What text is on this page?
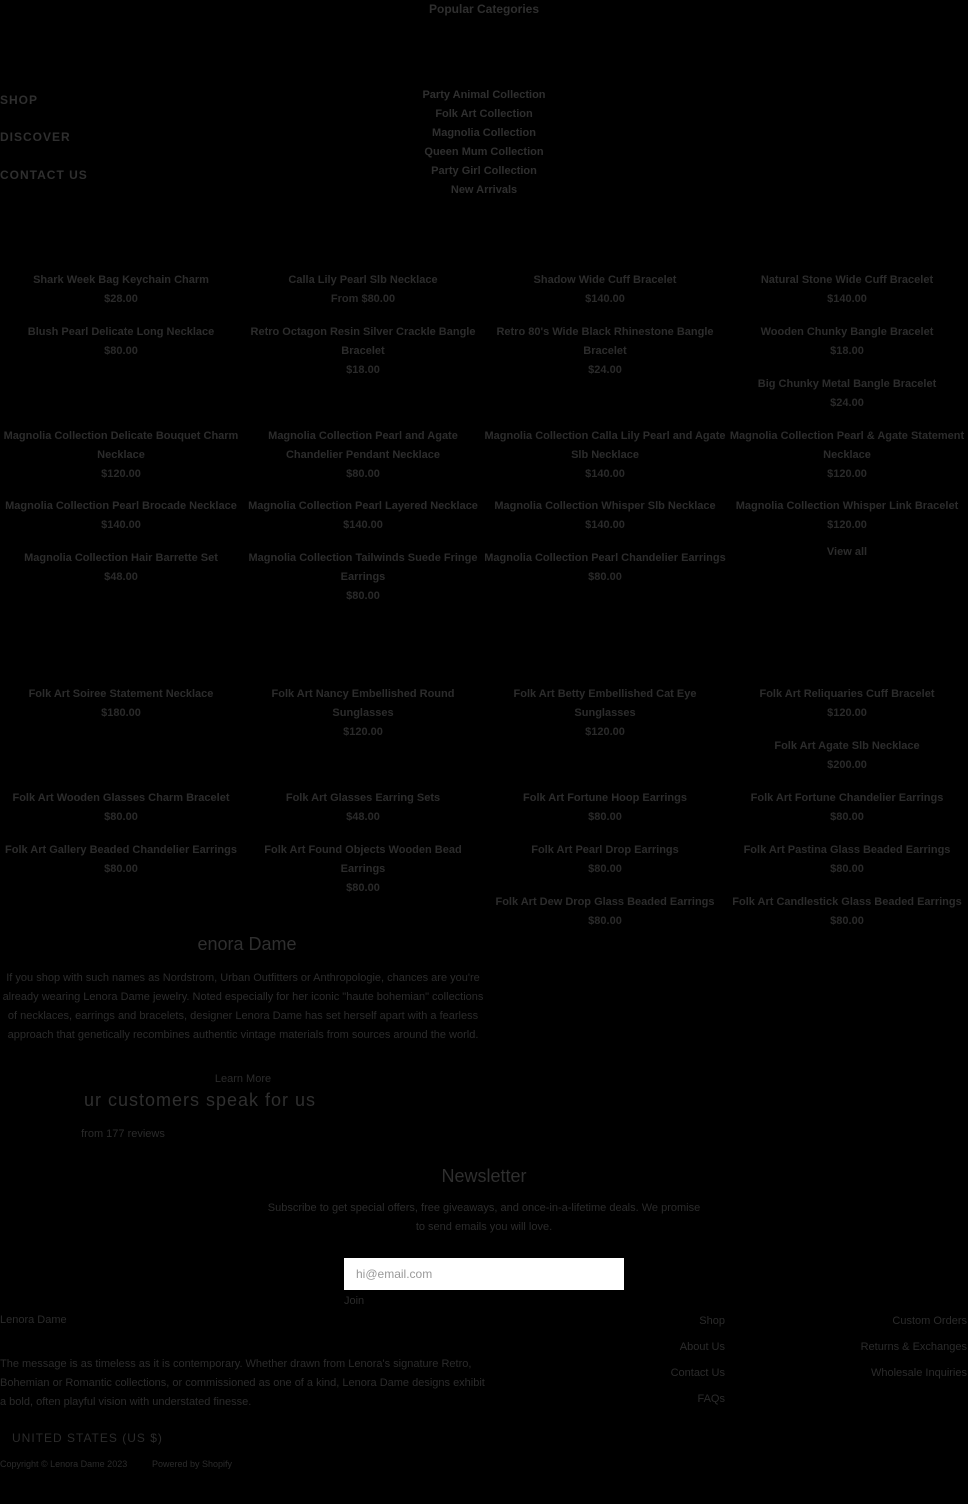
Popular Categories
SHOP
DISCOVER
CONTACT US
Party Animal Collection
Folk Art Collection
Magnolia Collection
Queen Mum Collection
Party Girl Collection
New Arrivals
Shark Week Bag Keychain Charm
$28.00
Calla Lily Pearl Slb Necklace
From $80.00
Shadow Wide Cuff Bracelet
$140.00
Natural Stone Wide Cuff Bracelet
$140.00
Blush Pearl Delicate Long Necklace
$80.00
Retro Octagon Resin Silver Crackle Bangle Bracelet
$18.00
Retro 80's Wide Black Rhinestone Bangle Bracelet
$24.00
Wooden Chunky Bangle Bracelet
$18.00
Big Chunky Metal Bangle Bracelet
$24.00
Magnolia Collection Delicate Bouquet Charm Necklace
$120.00
Magnolia Collection Pearl and Agate Chandelier Pendant Necklace
$80.00
Magnolia Collection Calla Lily Pearl and Agate Slb Necklace
$140.00
Magnolia Collection Pearl & Agate Statement Necklace
$120.00
Magnolia Collection Pearl Brocade Necklace
$140.00
Magnolia Collection Pearl Layered Necklace
$140.00
Magnolia Collection Whisper Slb Necklace
$140.00
Magnolia Collection Whisper Link Bracelet
$120.00
Magnolia Collection Hair Barrette Set
$48.00
Magnolia Collection Tailwinds Suede Fringe Earrings
$80.00
Magnolia Collection Pearl Chandelier Earrings
$80.00
View all
Folk Art Soiree Statement Necklace
$180.00
Folk Art Nancy Embellished Round Sunglasses
$120.00
Folk Art Betty Embellished Cat Eye Sunglasses
$120.00
Folk Art Reliquaries Cuff Bracelet
$120.00
Folk Art Agate Slb Necklace
$200.00
Folk Art Wooden Glasses Charm Bracelet
$80.00
Folk Art Glasses Earring Sets
$48.00
Folk Art Fortune Hoop Earrings
$80.00
Folk Art Fortune Chandelier Earrings
$80.00
Folk Art Gallery Beaded Chandelier Earrings
$80.00
Folk Art Found Objects Wooden Bead Earrings
$80.00
Folk Art Pearl Drop Earrings
$80.00
Folk Art Pastina Glass Beaded Earrings
$80.00
Folk Art Dew Drop Glass Beaded Earrings
$80.00
Folk Art Candlestick Glass Beaded Earrings
$80.00
enora Dame
If you shop with such names as Nordstrom, Urban Outfitters or Anthropologie, chances are you're already wearing Lenora Dame jewelry. Noted especially for her iconic "haute bohemian" collections of necklaces, earrings and bracelets, designer Lenora Dame has set herself apart with a fearless approach that genetically recombines authentic vintage materials from sources around the world.
Learn More
ur customers speak for us
from 177 reviews
Newsletter
Subscribe to get special offers, free giveaways, and once-in-a-lifetime deals. We promise to send emails you will love.
hi@email.com
Join
Lenora Dame
The message is as timeless as it is contemporary. Whether drawn from Lenora's signature Retro, Bohemian or Romantic collections, or commissioned as one of a kind, Lenora Dame designs exhibit a bold, often playful vision with understated finesse.
Shop
About Us
Contact Us
FAQs
Custom Orders
Returns & Exchanges
Wholesale Inquiries
UNITED STATES (US $)
Copyright © Lenora Dame 2023	Powered by Shopify
